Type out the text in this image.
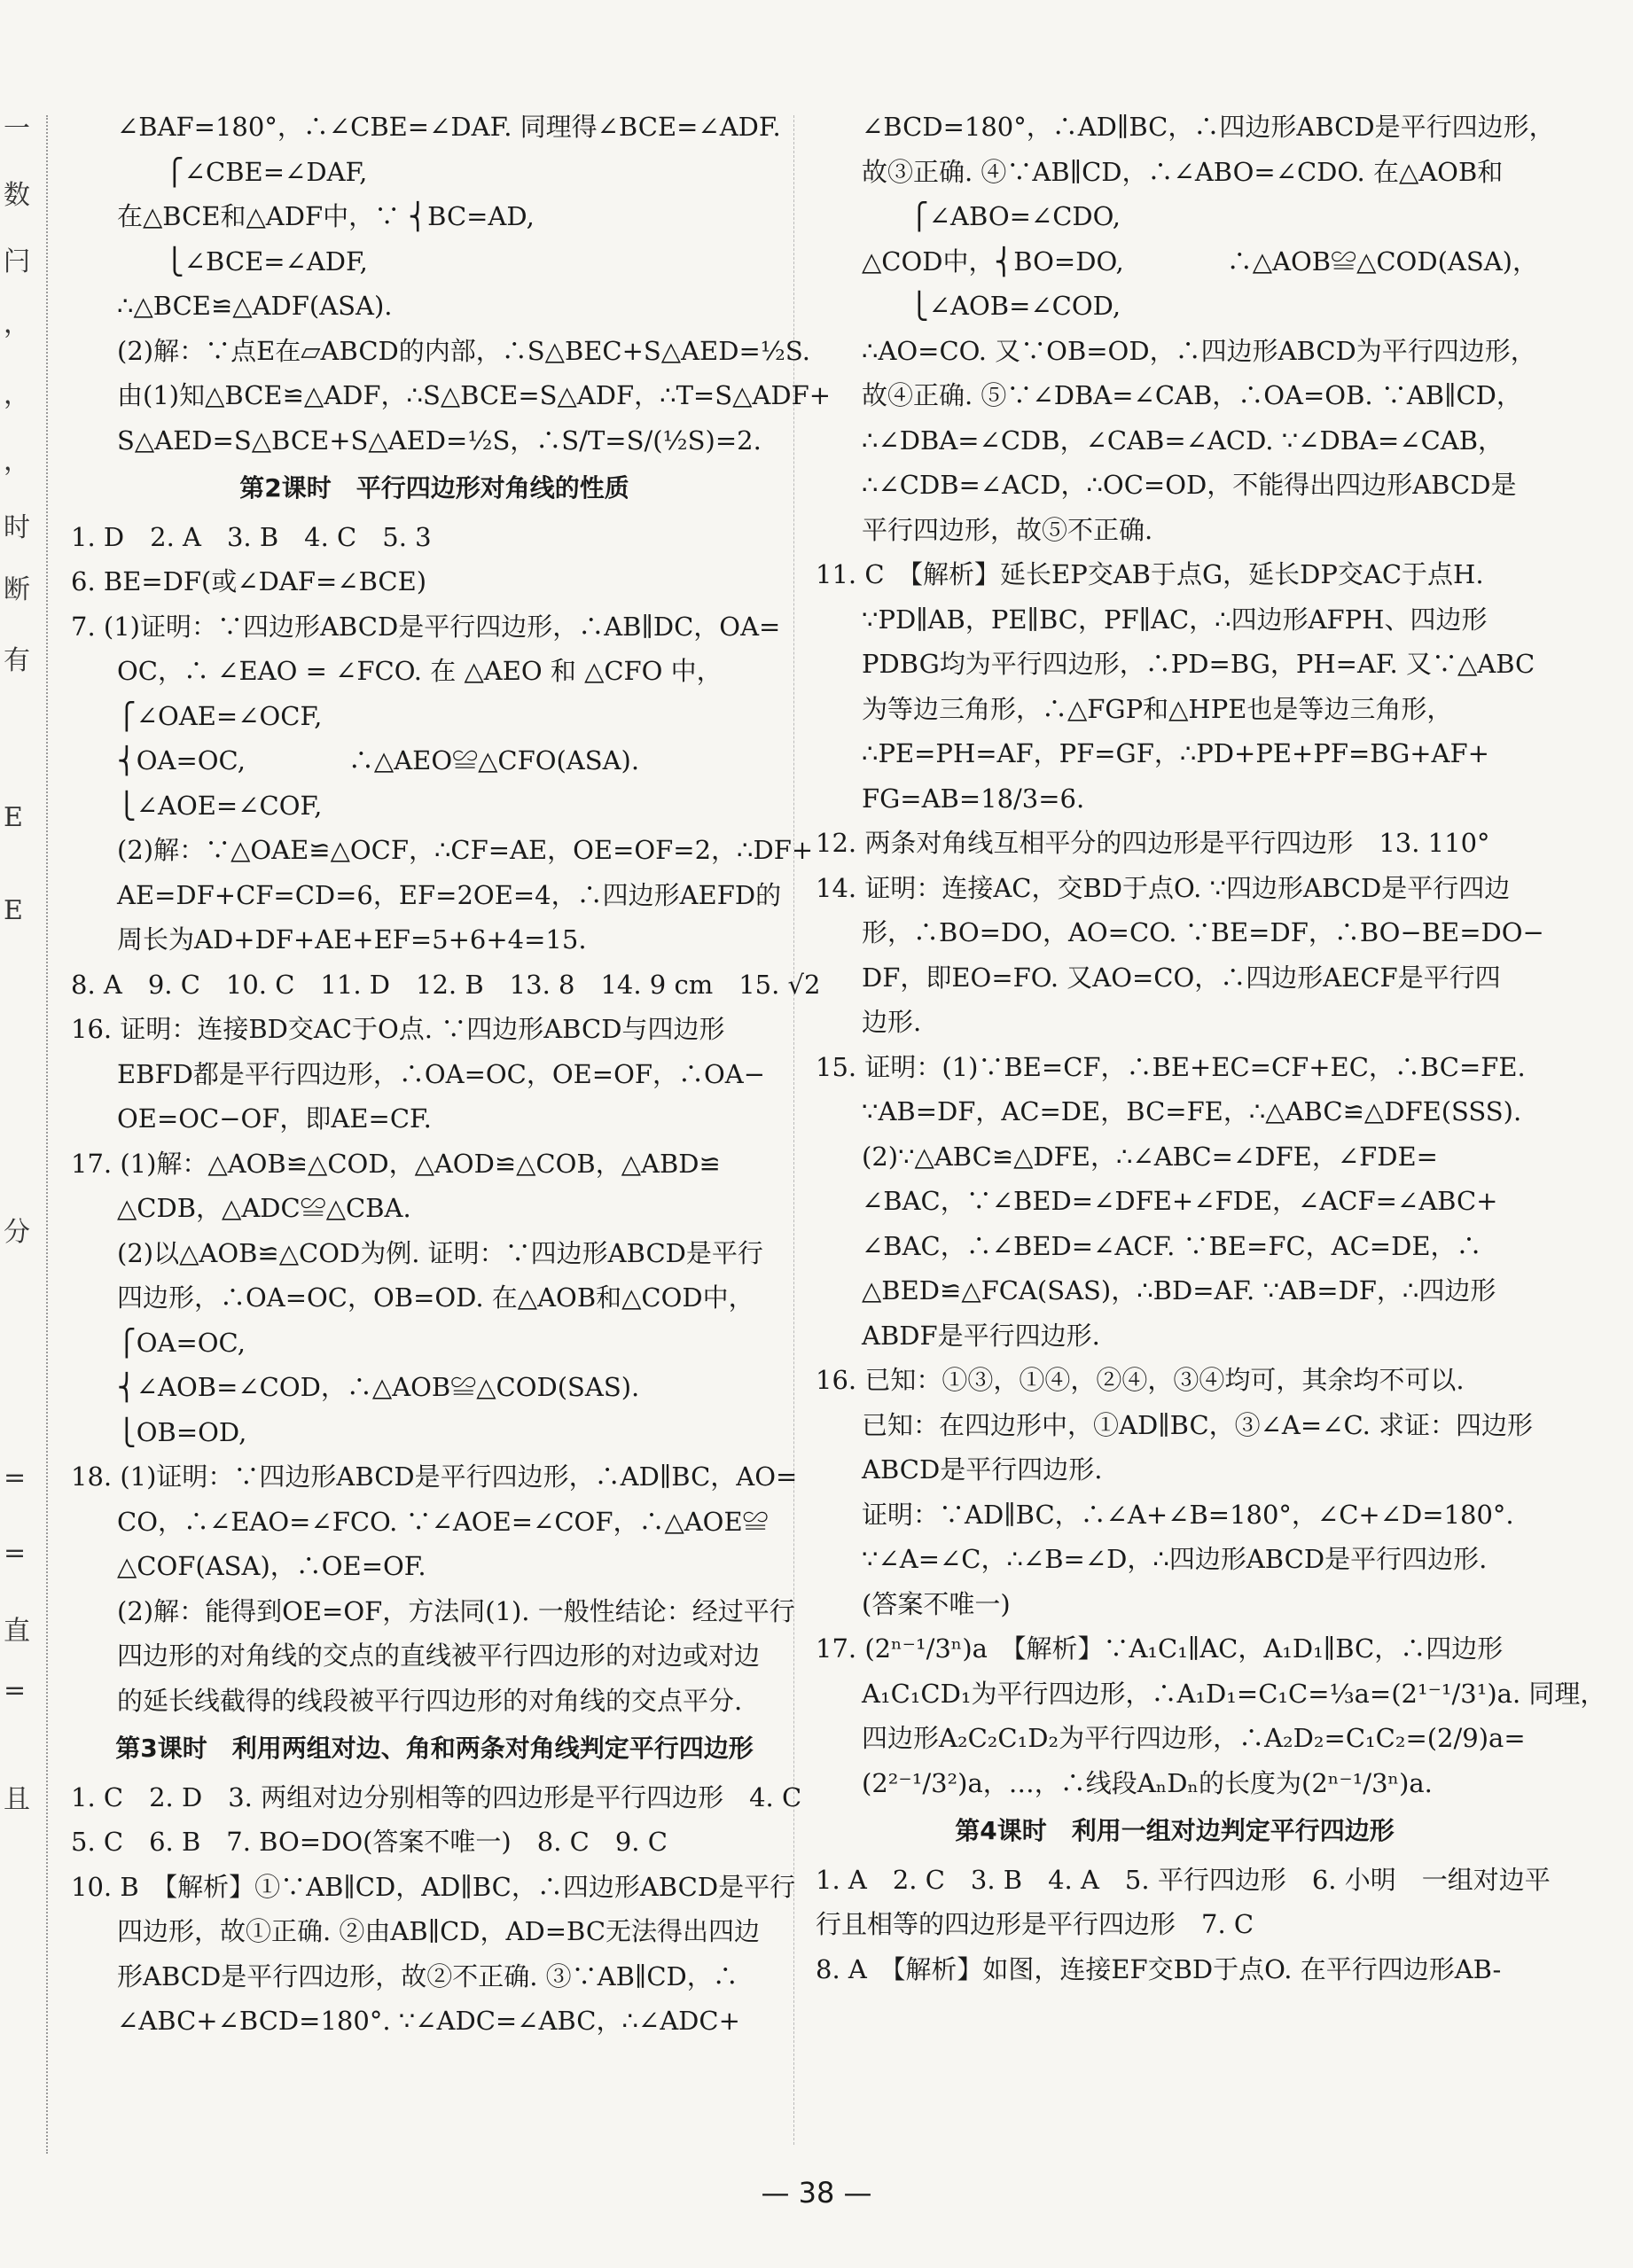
一
数
闩
，
，
，
时
断
有
E
E
分
=
=
直
=
且
∠BAF=180°，∴∠CBE=∠DAF. 同理得∠BCE=∠ADF.
⎧∠CBE=∠DAF,
在△BCE和△ADF中，∵ ⎨BC=AD,
⎩∠BCE=∠ADF,
∴△BCE≌△ADF(ASA).
(2)解：∵点E在▱ABCD的内部，∴S△BEC+S△AED=½S.
由(1)知△BCE≌△ADF，∴S△BCE=S△ADF，∴T=S△ADF+
S△AED=S△BCE+S△AED=½S，∴S/T=S/(½S)=2.
第2课时　平行四边形对角线的性质
1. D　2. A　3. B　4. C　5. 3
6. BE=DF(或∠DAF=∠BCE)
7. (1)证明：∵四边形ABCD是平行四边形，∴AB∥DC，OA=
OC，∴ ∠EAO = ∠FCO. 在 △AEO 和 △CFO 中，
⎧∠OAE=∠OCF,
⎨OA=OC,　　　　∴△AEO≌△CFO(ASA).
⎩∠AOE=∠COF,
(2)解：∵△OAE≌△OCF，∴CF=AE，OE=OF=2，∴DF+
AE=DF+CF=CD=6，EF=2OE=4，∴四边形AEFD的
周长为AD+DF+AE+EF=5+6+4=15.
8. A　9. C　10. C　11. D　12. B　13. 8　14. 9 cm　15. √2
16. 证明：连接BD交AC于O点. ∵四边形ABCD与四边形
EBFD都是平行四边形，∴OA=OC，OE=OF，∴OA−
OE=OC−OF，即AE=CF.
17. (1)解：△AOB≌△COD，△AOD≌△COB，△ABD≌
△CDB，△ADC≌△CBA.
(2)以△AOB≌△COD为例. 证明：∵四边形ABCD是平行
四边形，∴OA=OC，OB=OD. 在△AOB和△COD中，
⎧OA=OC,
⎨∠AOB=∠COD，∴△AOB≌△COD(SAS).
⎩OB=OD,
18. (1)证明：∵四边形ABCD是平行四边形，∴AD∥BC，AO=
CO，∴∠EAO=∠FCO. ∵∠AOE=∠COF，∴△AOE≌
△COF(ASA)，∴OE=OF.
(2)解：能得到OE=OF，方法同(1). 一般性结论：经过平行
四边形的对角线的交点的直线被平行四边形的对边或对边
的延长线截得的线段被平行四边形的对角线的交点平分.
第3课时　利用两组对边、角和两条对角线判定平行四边形
1. C　2. D　3. 两组对边分别相等的四边形是平行四边形　4. C
5. C　6. B　7. BO=DO(答案不唯一)　8. C　9. C
10. B　【解析】①∵AB∥CD，AD∥BC，∴四边形ABCD是平行
四边形，故①正确. ②由AB∥CD，AD=BC无法得出四边
形ABCD是平行四边形，故②不正确. ③∵AB∥CD，∴
∠ABC+∠BCD=180°. ∵∠ADC=∠ABC，∴∠ADC+
∠BCD=180°，∴AD∥BC，∴四边形ABCD是平行四边形，
故③正确. ④∵AB∥CD，∴∠ABO=∠CDO. 在△AOB和
⎧∠ABO=∠CDO,
△COD中，⎨BO=DO,　　　　∴△AOB≌△COD(ASA)，
⎩∠AOB=∠COD,
∴AO=CO. 又∵OB=OD，∴四边形ABCD为平行四边形，
故④正确. ⑤∵∠DBA=∠CAB，∴OA=OB. ∵AB∥CD，
∴∠DBA=∠CDB，∠CAB=∠ACD. ∵∠DBA=∠CAB，
∴∠CDB=∠ACD，∴OC=OD，不能得出四边形ABCD是
平行四边形，故⑤不正确.
11. C　【解析】延长EP交AB于点G，延长DP交AC于点H.
∵PD∥AB，PE∥BC，PF∥AC，∴四边形AFPH、四边形
PDBG均为平行四边形，∴PD=BG，PH=AF. 又∵△ABC
为等边三角形，∴△FGP和△HPE也是等边三角形，
∴PE=PH=AF，PF=GF，∴PD+PE+PF=BG+AF+
FG=AB=18/3=6.
12. 两条对角线互相平分的四边形是平行四边形　13. 110°
14. 证明：连接AC，交BD于点O. ∵四边形ABCD是平行四边
形，∴BO=DO，AO=CO. ∵BE=DF，∴BO−BE=DO−
DF，即EO=FO. 又AO=CO，∴四边形AECF是平行四
边形.
15. 证明：(1)∵BE=CF，∴BE+EC=CF+EC，∴BC=FE.
∵AB=DF，AC=DE，BC=FE，∴△ABC≌△DFE(SSS).
(2)∵△ABC≌△DFE，∴∠ABC=∠DFE，∠FDE=
∠BAC，∵∠BED=∠DFE+∠FDE，∠ACF=∠ABC+
∠BAC，∴∠BED=∠ACF. ∵BE=FC，AC=DE，∴
△BED≌△FCA(SAS)，∴BD=AF. ∵AB=DF，∴四边形
ABDF是平行四边形.
16. 已知：①③，①④，②④，③④均可，其余均不可以.
已知：在四边形中，①AD∥BC，③∠A=∠C. 求证：四边形
ABCD是平行四边形.
证明：∵AD∥BC，∴∠A+∠B=180°，∠C+∠D=180°.
∵∠A=∠C，∴∠B=∠D，∴四边形ABCD是平行四边形.
(答案不唯一)
17. (2ⁿ⁻¹/3ⁿ)a　【解析】∵A₁C₁∥AC，A₁D₁∥BC，∴四边形
A₁C₁CD₁为平行四边形，∴A₁D₁=C₁C=⅓a=(2¹⁻¹/3¹)a. 同理，
四边形A₂C₂C₁D₂为平行四边形，∴A₂D₂=C₁C₂=(2/9)a=
(2²⁻¹/3²)a，…，∴线段AₙDₙ的长度为(2ⁿ⁻¹/3ⁿ)a.
第4课时　利用一组对边判定平行四边形
1. A　2. C　3. B　4. A　5. 平行四边形　6. 小明　一组对边平
行且相等的四边形是平行四边形　7. C
8. A　【解析】如图，连接EF交BD于点O. 在平行四边形AB-
— 38 —
